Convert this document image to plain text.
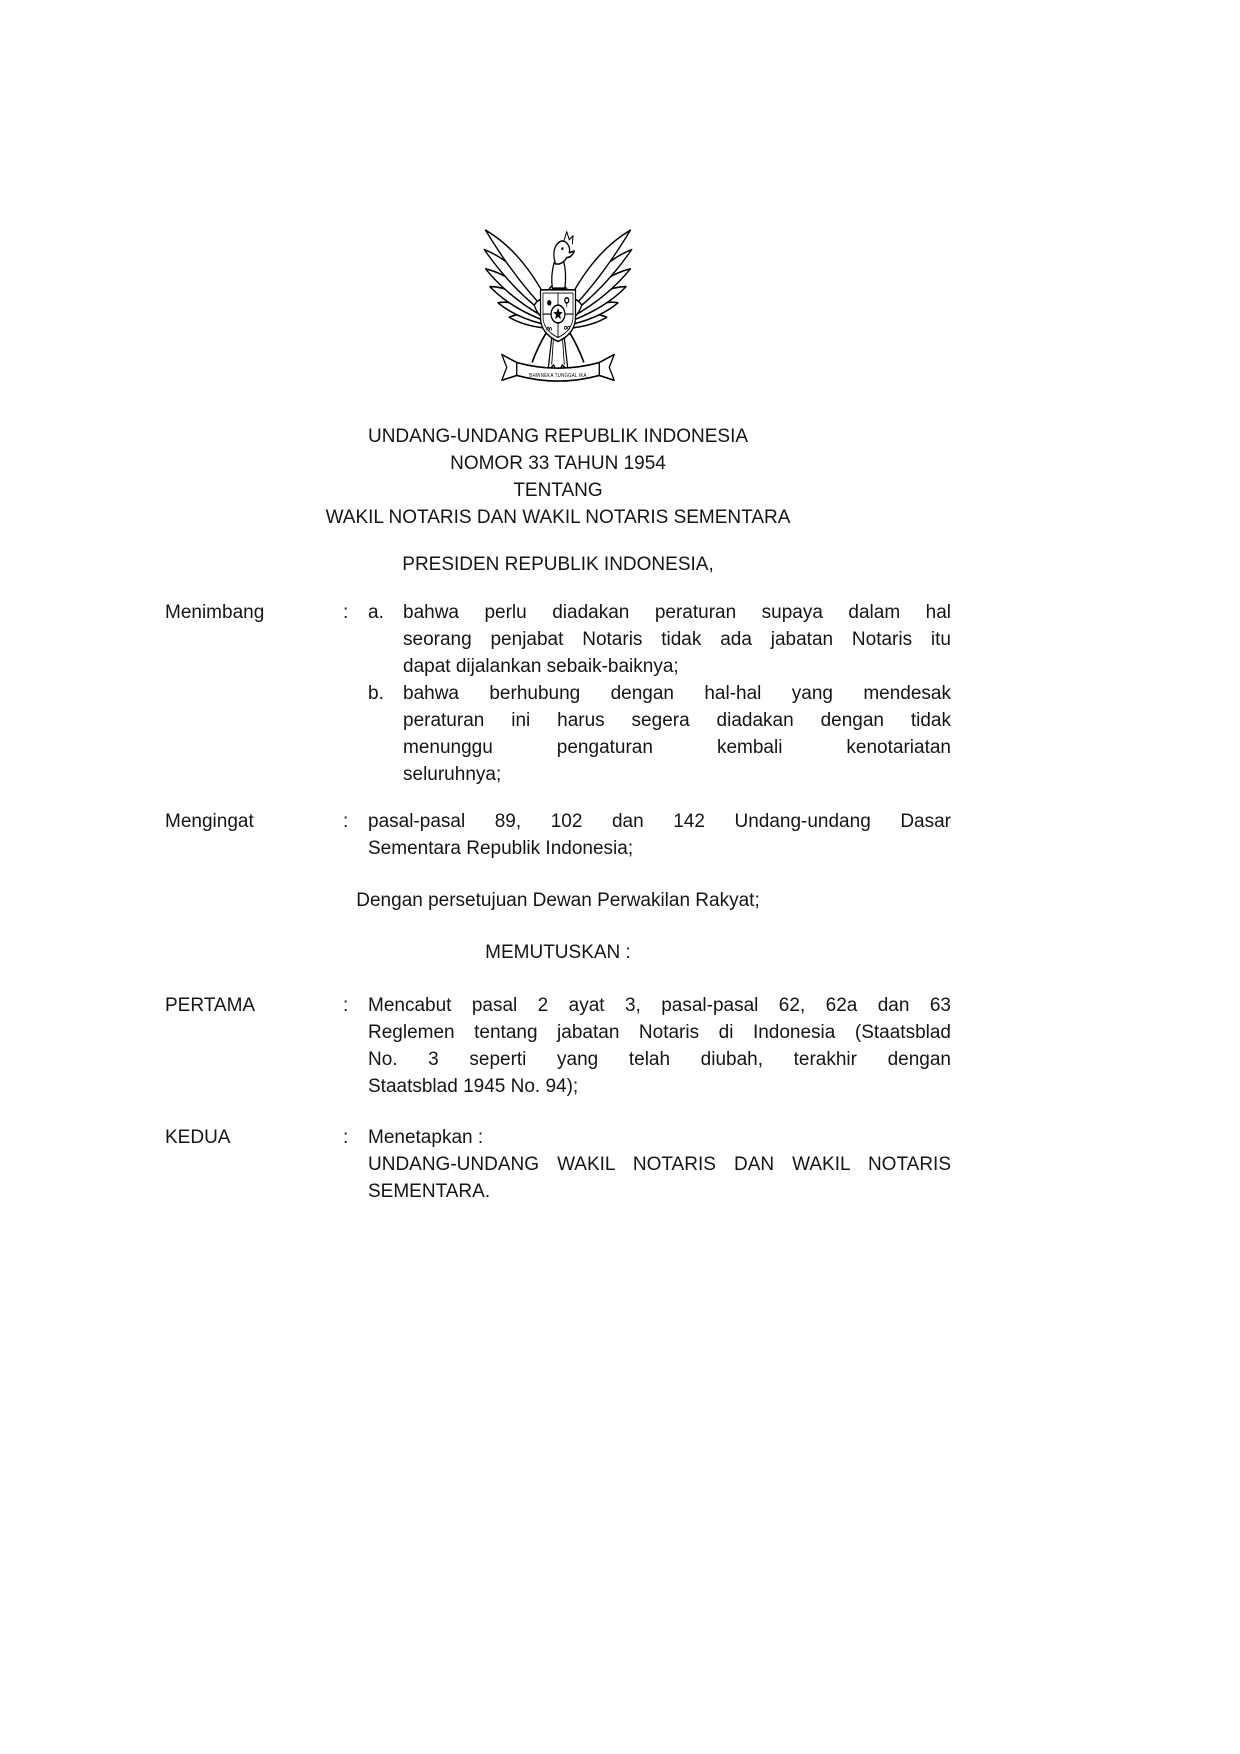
BHINNEKA TUNGGAL IKA
UNDANG-UNDANG REPUBLIK INDONESIA
NOMOR 33 TAHUN 1954
TENTANG
WAKIL NOTARIS DAN WAKIL NOTARIS SEMENTARA
PRESIDEN REPUBLIK INDONESIA,
Menimbang	:	a.	bahwa perlu diadakan peraturan supaya dalam hal
seorang penjabat Notaris tidak ada jabatan Notaris itu
dapat dijalankan sebaik-baiknya;
b.	bahwa berhubung dengan hal-hal yang mendesak
peraturan ini harus segera diadakan dengan tidak
menunggu pengaturan kembali kenotariatan
seluruhnya;
Mengingat	:	pasal-pasal 89, 102 dan 142 Undang-undang Dasar
Sementara Republik Indonesia;
Dengan persetujuan Dewan Perwakilan Rakyat;
MEMUTUSKAN :
PERTAMA	:	Mencabut pasal 2 ayat 3, pasal-pasal 62, 62a dan 63
Reglemen tentang jabatan Notaris di Indonesia (Staatsblad
No. 3 seperti yang telah diubah, terakhir dengan
Staatsblad 1945 No. 94);
KEDUA	:	Menetapkan :
UNDANG-UNDANG WAKIL NOTARIS DAN WAKIL NOTARIS
SEMENTARA.
